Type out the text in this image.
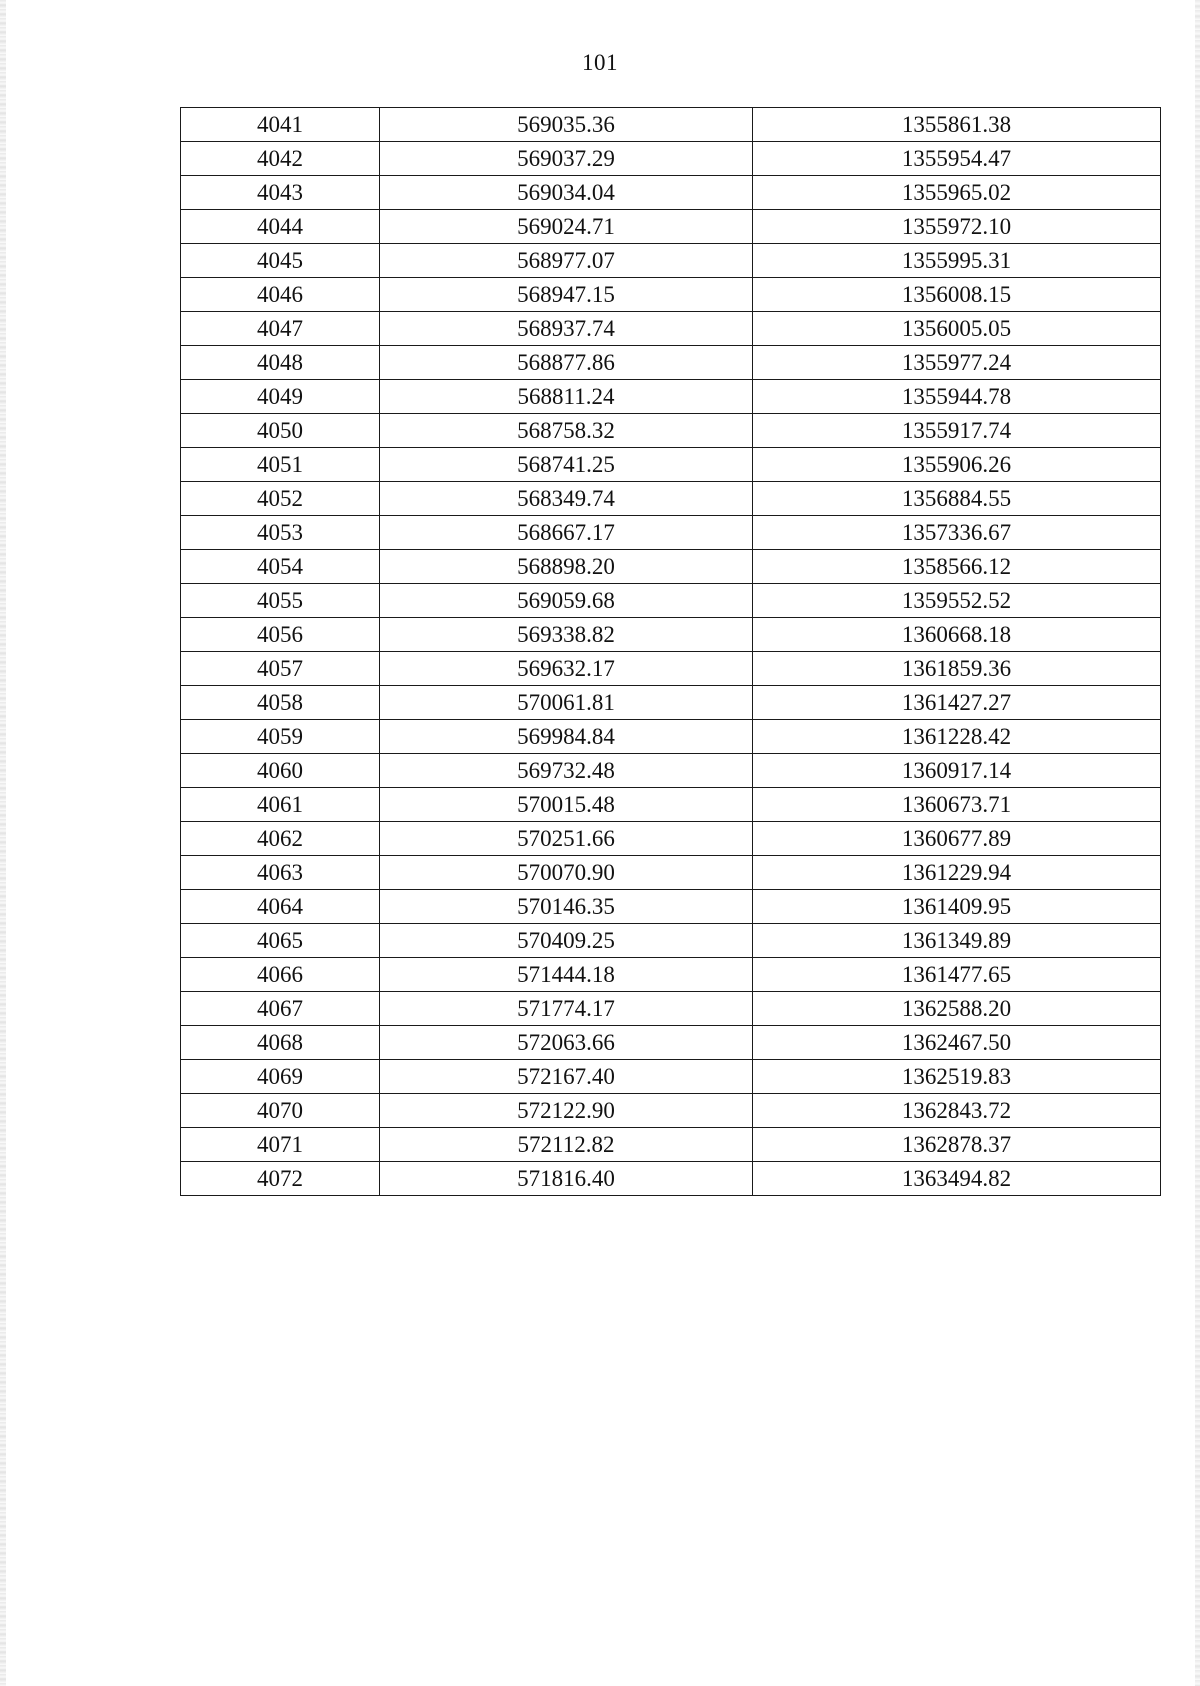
101
4041	569035.36	1355861.38
4042	569037.29	1355954.47
4043	569034.04	1355965.02
4044	569024.71	1355972.10
4045	568977.07	1355995.31
4046	568947.15	1356008.15
4047	568937.74	1356005.05
4048	568877.86	1355977.24
4049	568811.24	1355944.78
4050	568758.32	1355917.74
4051	568741.25	1355906.26
4052	568349.74	1356884.55
4053	568667.17	1357336.67
4054	568898.20	1358566.12
4055	569059.68	1359552.52
4056	569338.82	1360668.18
4057	569632.17	1361859.36
4058	570061.81	1361427.27
4059	569984.84	1361228.42
4060	569732.48	1360917.14
4061	570015.48	1360673.71
4062	570251.66	1360677.89
4063	570070.90	1361229.94
4064	570146.35	1361409.95
4065	570409.25	1361349.89
4066	571444.18	1361477.65
4067	571774.17	1362588.20
4068	572063.66	1362467.50
4069	572167.40	1362519.83
4070	572122.90	1362843.72
4071	572112.82	1362878.37
4072	571816.40	1363494.82
